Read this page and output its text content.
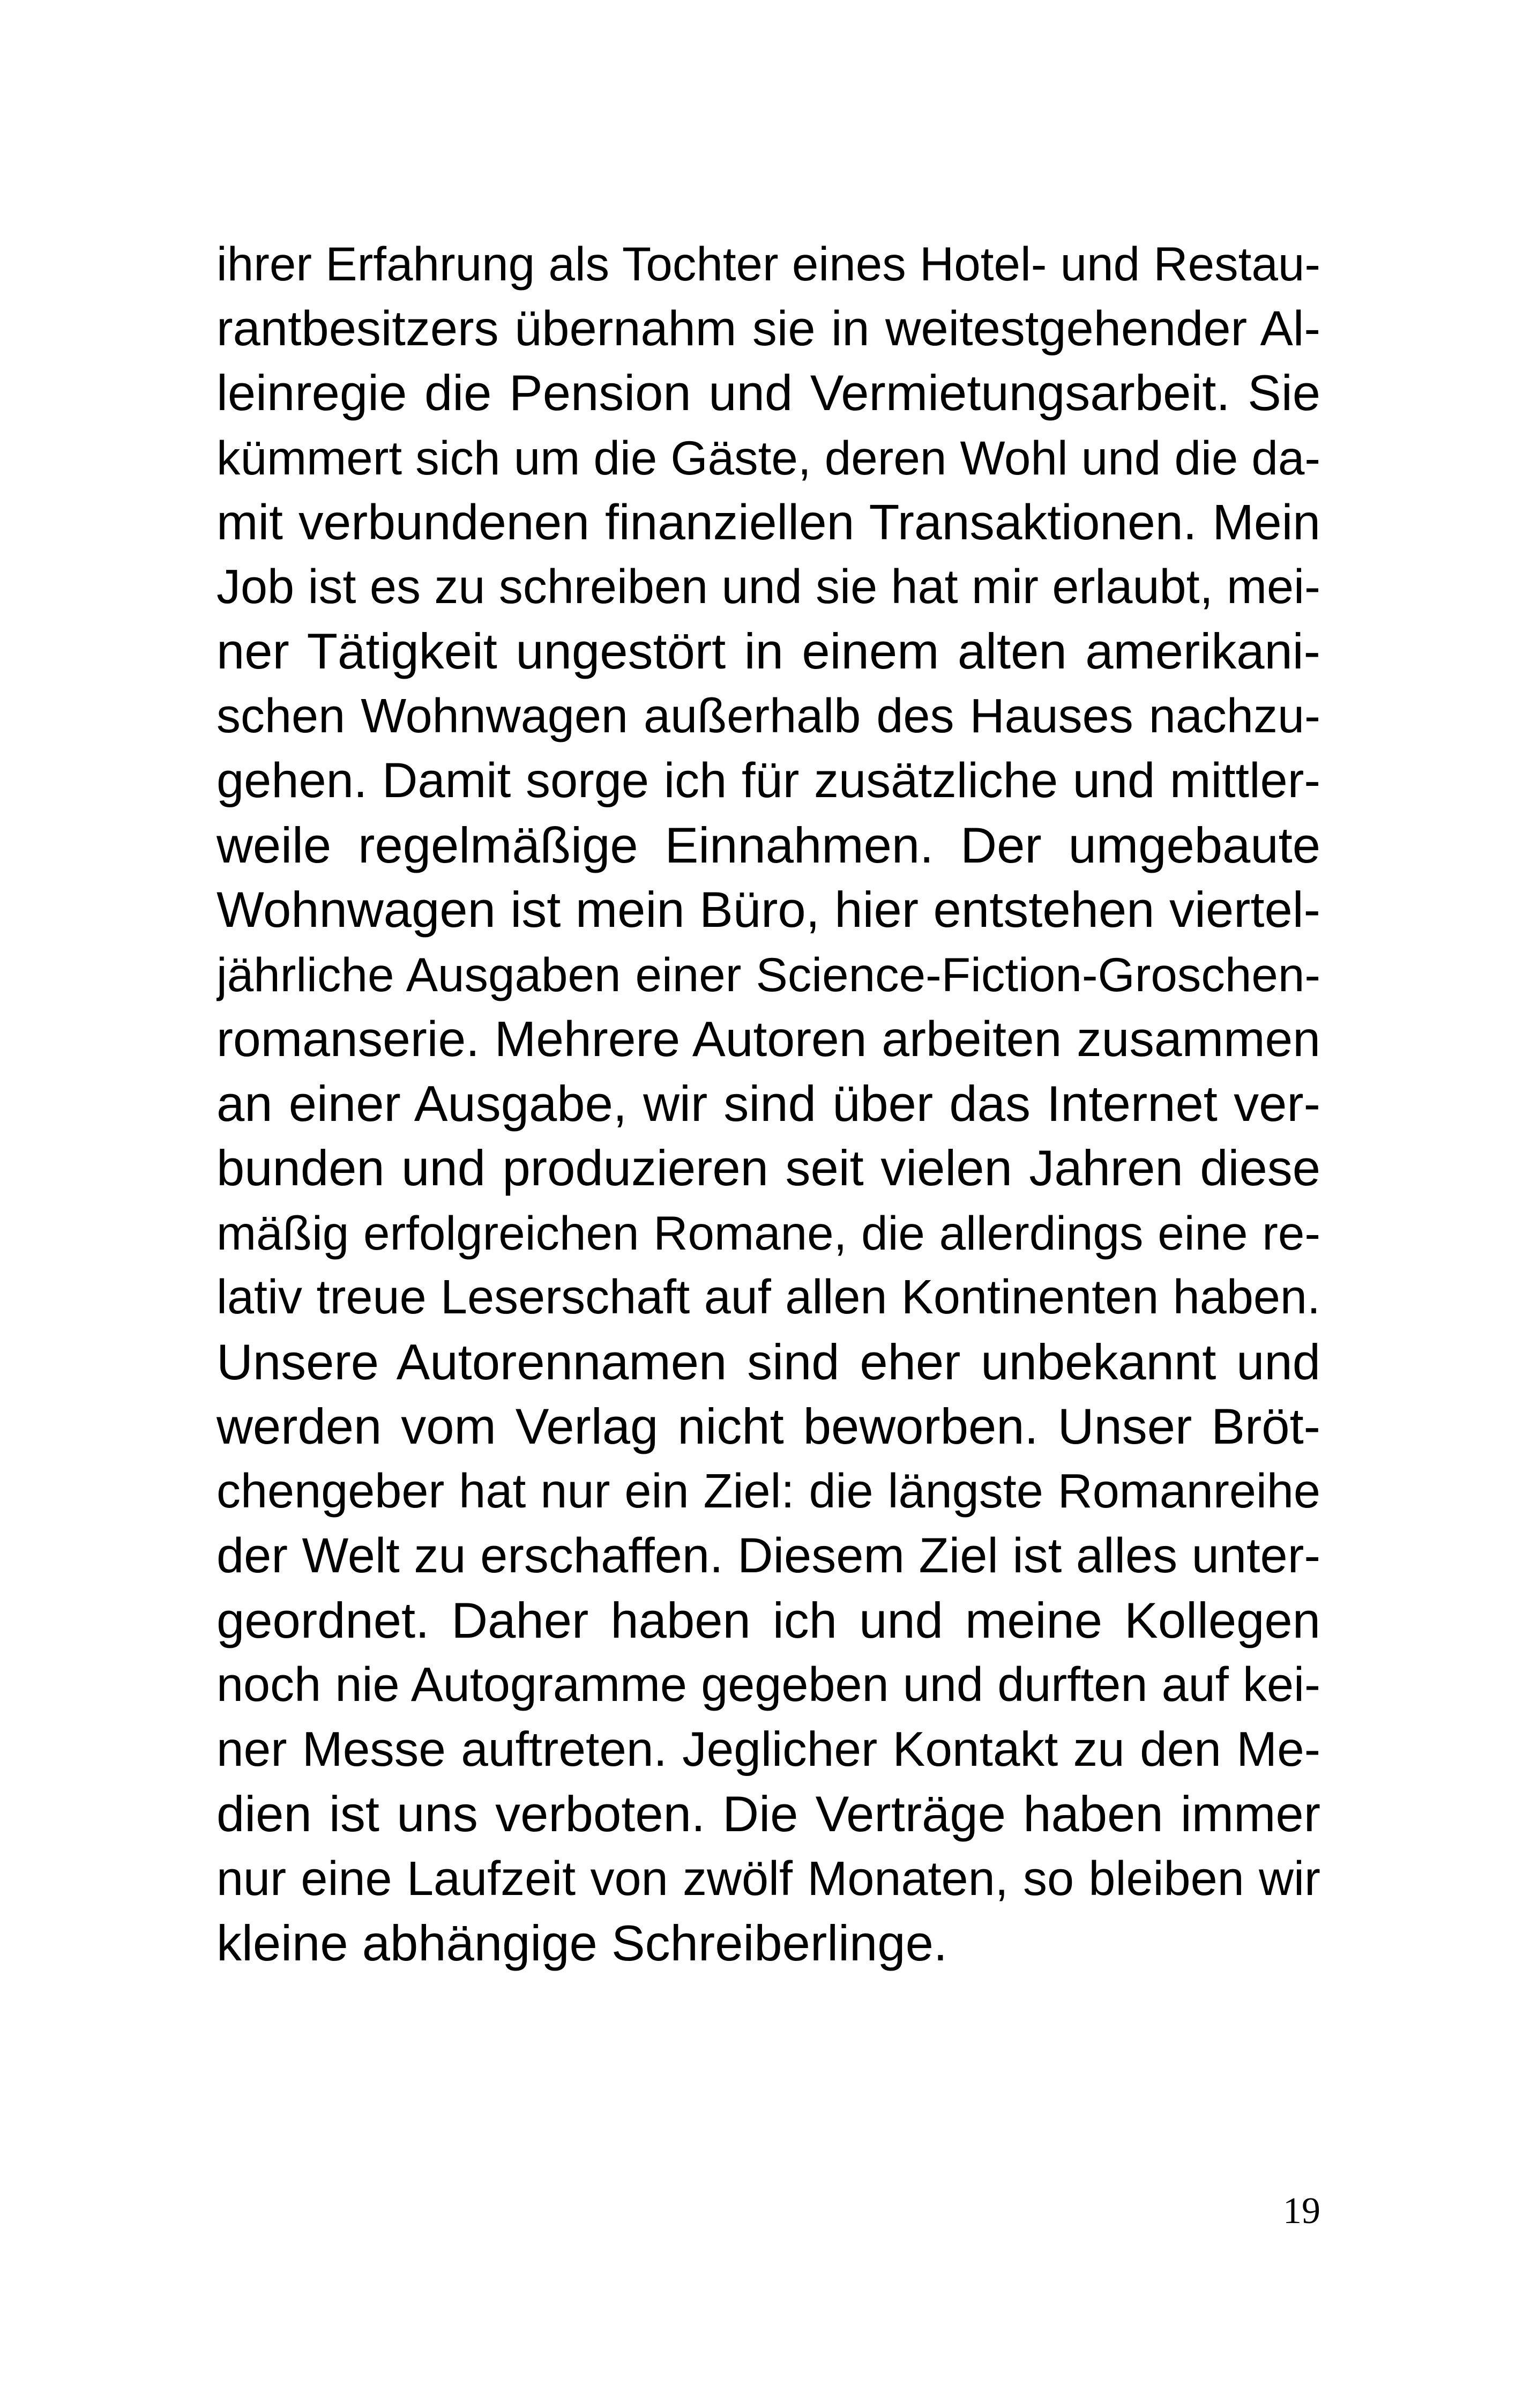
ihrer Erfahrung als Tochter eines Hotel- und Restau-
rantbesitzers übernahm sie in weitestgehender Al-
leinregie die Pension und Vermietungsarbeit. Sie
kümmert sich um die Gäste, deren Wohl und die da-
mit verbundenen finanziellen Transaktionen. Mein
Job ist es zu schreiben und sie hat mir erlaubt, mei-
ner Tätigkeit ungestört in einem alten amerikani-
schen Wohnwagen außerhalb des Hauses nachzu-
gehen. Damit sorge ich für zusätzliche und mittler-
weile regelmäßige Einnahmen. Der umgebaute
Wohnwagen ist mein Büro, hier entstehen viertel-
jährliche Ausgaben einer Science-Fiction-Groschen-
romanserie. Mehrere Autoren arbeiten zusammen
an einer Ausgabe, wir sind über das Internet ver-
bunden und produzieren seit vielen Jahren diese
mäßig erfolgreichen Romane, die allerdings eine re-
lativ treue Leserschaft auf allen Kontinenten haben.
Unsere Autorennamen sind eher unbekannt und
werden vom Verlag nicht beworben. Unser Bröt-
chengeber hat nur ein Ziel: die längste Romanreihe
der Welt zu erschaffen. Diesem Ziel ist alles unter-
geordnet. Daher haben ich und meine Kollegen
noch nie Autogramme gegeben und durften auf kei-
ner Messe auftreten. Jeglicher Kontakt zu den Me-
dien ist uns verboten. Die Verträge haben immer
nur eine Laufzeit von zwölf Monaten, so bleiben wir
kleine abhängige Schreiberlinge.
19
